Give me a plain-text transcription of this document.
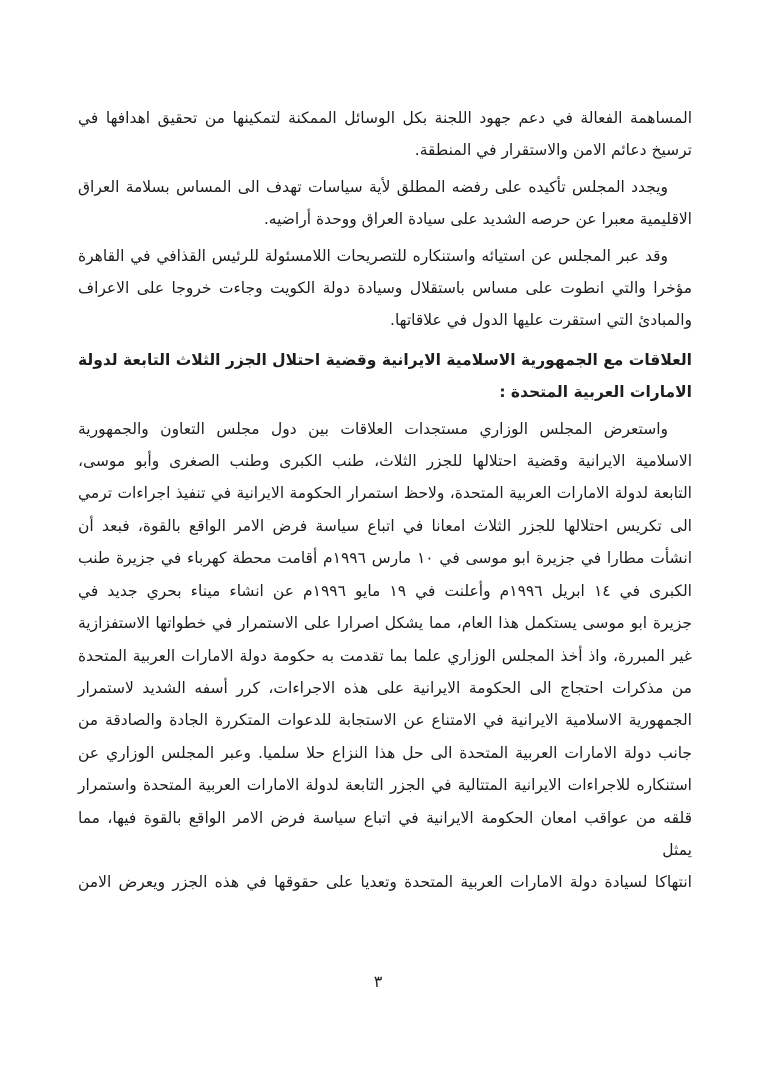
المساهمة الفعالة في دعم جهود اللجنة بكل الوسائل الممكنة لتمكينها من تحقيق اهدافها في
ترسيخ دعائم الامن والاستقرار في المنطقة.
ويجدد المجلس تأكيده على رفضه المطلق لأية سياسات تهدف الى المساس بسلامة العراق
الاقليمية معبرا عن حرصه الشديد على سيادة العراق ووحدة أراضيه.
وقد عبر المجلس عن استيائه واستنكاره للتصريحات اللامسئولة للرئيس القذافي في القاهرة
مؤخرا والتي انطوت على مساس باستقلال وسيادة دولة الكويت وجاءت خروجا على الاعراف
والمبادئ التي استقرت عليها الدول في علاقاتها.
العلاقات مع الجمهورية الاسلامية الايرانية وقضية احتلال الجزر الثلاث التابعة لدولة
الامارات العربية المتحدة :
واستعرض المجلس الوزاري مستجدات العلاقات بين دول مجلس التعاون والجمهورية
الاسلامية الايرانية وقضية احتلالها للجزر الثلاث، طنب الكبرى وطنب الصغرى وأبو موسى،
التابعة لدولة الامارات العربية المتحدة، ولاحظ استمرار الحكومة الايرانية في تنفيذ اجراءات ترمي
الى تكريس احتلالها للجزر الثلاث امعانا في اتباع سياسة فرض الامر الواقع بالقوة، فبعد أن
انشأت مطارا في جزيرة ابو موسى في ١٠ مارس ١٩٩٦م أقامت محطة كهرباء في جزيرة طنب
الكبرى في ١٤ ابريل ١٩٩٦م وأعلنت في ١٩ مايو ١٩٩٦م عن انشاء ميناء بحري جديد في
جزيرة ابو موسى يستكمل هذا العام، مما يشكل اصرارا على الاستمرار في خطواتها الاستفزازية
غير المبررة، واذ أخذ المجلس الوزاري علما بما تقدمت به حكومة دولة الامارات العربية المتحدة
من مذكرات احتجاج الى الحكومة الايرانية على هذه الاجراءات، كرر أسفه الشديد لاستمرار
الجمهورية الاسلامية الايرانية في الامتناع عن الاستجابة للدعوات المتكررة الجادة والصادقة من
جانب دولة الامارات العربية المتحدة الى حل هذا النزاع حلا سلميا. وعبر المجلس الوزاري عن
استنكاره للاجراءات الايرانية المتتالية في الجزر التابعة لدولة الامارات العربية المتحدة واستمرار
قلقه من عواقب امعان الحكومة الايرانية في اتباع سياسة فرض الامر الواقع بالقوة فيها، مما يمثل
انتهاكا لسيادة دولة الامارات العربية المتحدة وتعديا على حقوقها في هذه الجزر ويعرض الامن
٣
